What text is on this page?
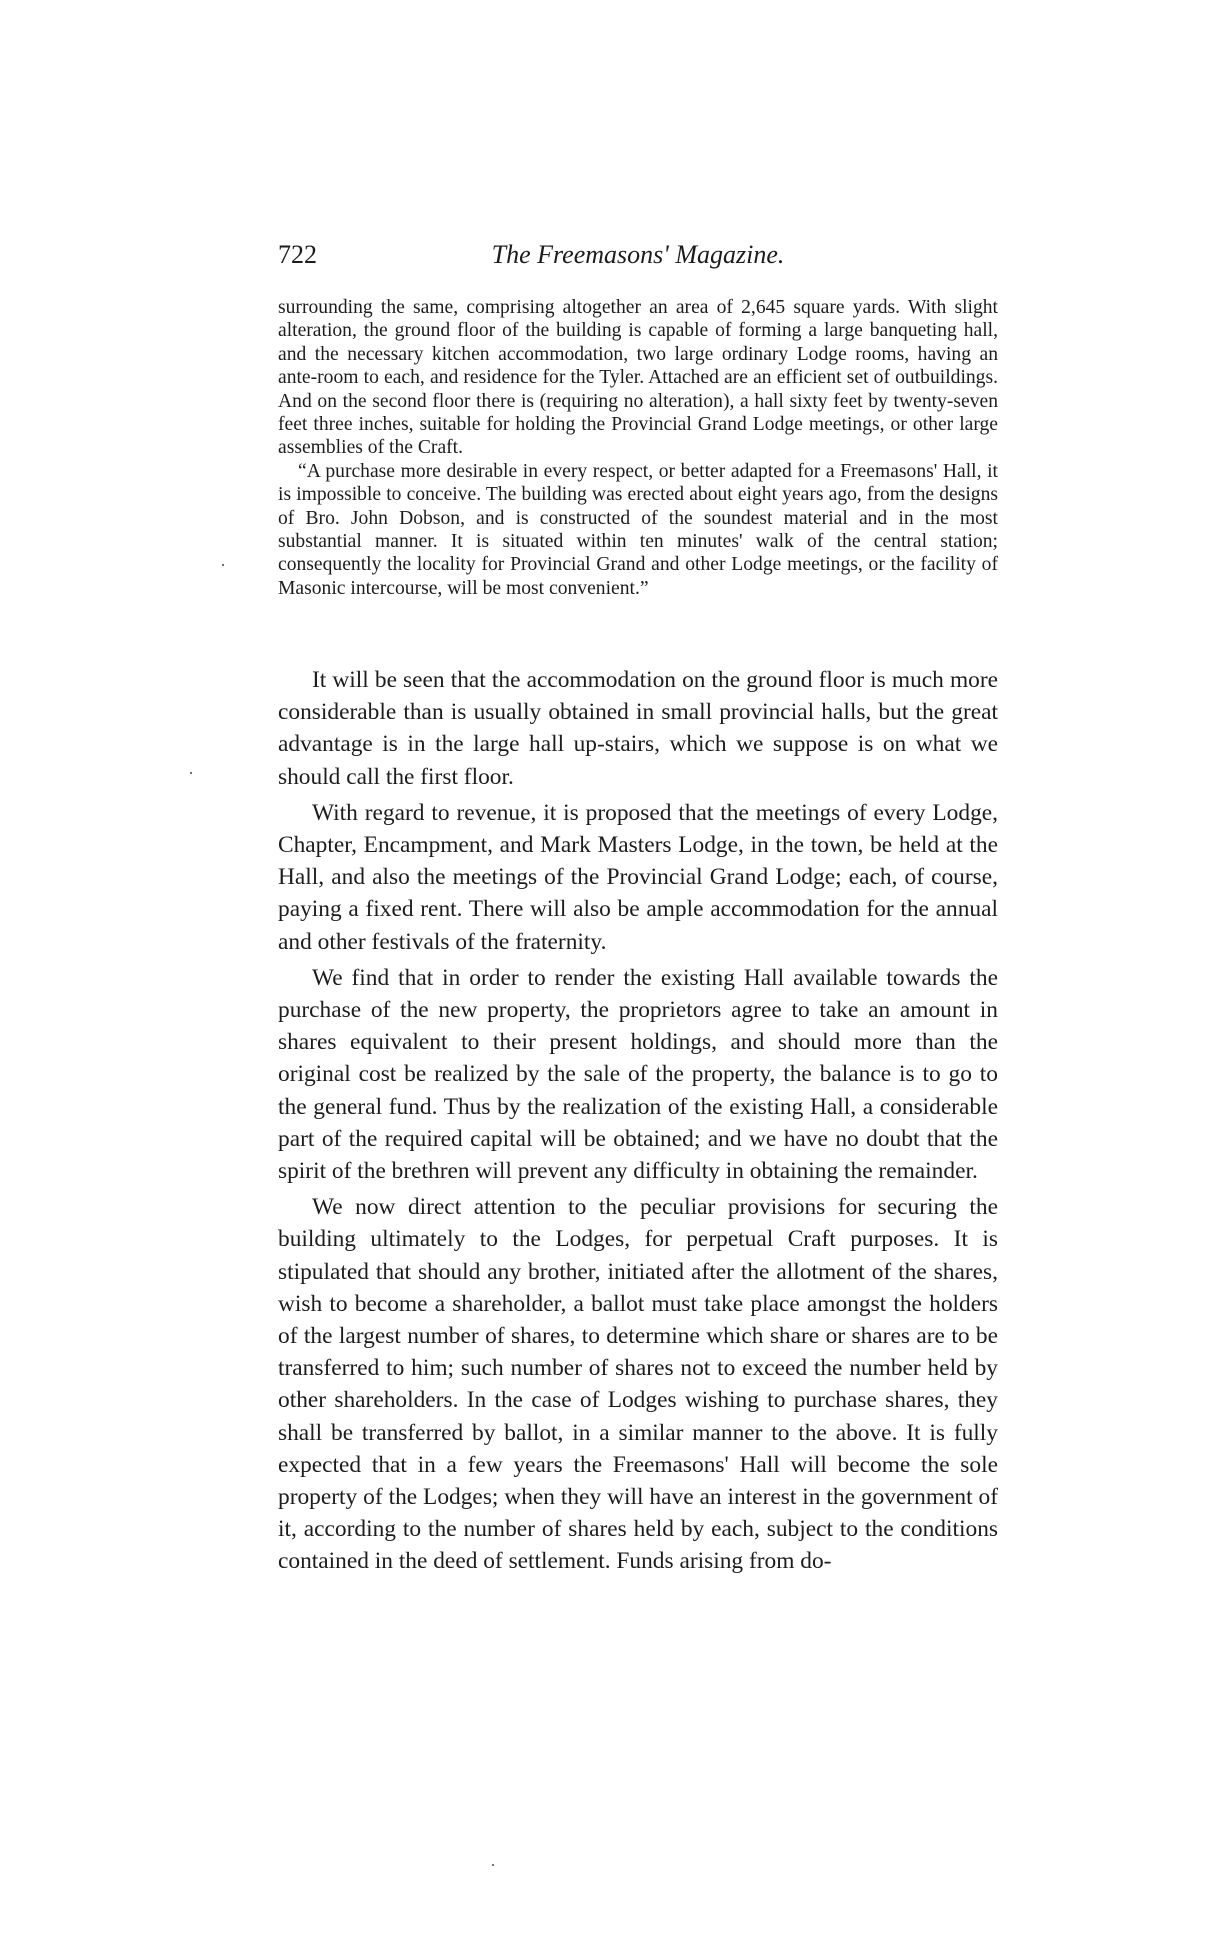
722	The Freemasons' Magazine.

surrounding the same, comprising altogether an area of 2,645 square yards. With slight alteration, the ground floor of the building is capable of forming a large banqueting hall, and the necessary kitchen accommodation, two large ordinary Lodge rooms, having an ante-room to each, and residence for the Tyler. Attached are an efficient set of outbuildings. And on the second floor there is (requiring no alteration), a hall sixty feet by twenty-seven feet three inches, suitable for holding the Provincial Grand Lodge meetings, or other large assemblies of the Craft.

“A purchase more desirable in every respect, or better adapted for a Freemasons' Hall, it is impossible to conceive. The building was erected about eight years ago, from the designs of Bro. John Dobson, and is constructed of the soundest material and in the most substantial manner. It is situated within ten minutes' walk of the central station; consequently the locality for Provincial Grand and other Lodge meetings, or the facility of Masonic intercourse, will be most convenient.”

It will be seen that the accommodation on the ground floor is much more considerable than is usually obtained in small provincial halls, but the great advantage is in the large hall up-stairs, which we suppose is on what we should call the first floor.

With regard to revenue, it is proposed that the meetings of every Lodge, Chapter, Encampment, and Mark Masters Lodge, in the town, be held at the Hall, and also the meetings of the Provincial Grand Lodge; each, of course, paying a fixed rent. There will also be ample accommodation for the annual and other festivals of the fraternity.

We find that in order to render the existing Hall available towards the purchase of the new property, the proprietors agree to take an amount in shares equivalent to their present holdings, and should more than the original cost be realized by the sale of the property, the balance is to go to the general fund. Thus by the realization of the existing Hall, a considerable part of the required capital will be obtained; and we have no doubt that the spirit of the brethren will prevent any difficulty in obtaining the remainder.

We now direct attention to the peculiar provisions for securing the building ultimately to the Lodges, for perpetual Craft purposes. It is stipulated that should any brother, initiated after the allotment of the shares, wish to become a shareholder, a ballot must take place amongst the holders of the largest number of shares, to determine which share or shares are to be transferred to him; such number of shares not to exceed the number held by other shareholders. In the case of Lodges wishing to purchase shares, they shall be transferred by ballot, in a similar manner to the above. It is fully expected that in a few years the Freemasons' Hall will become the sole property of the Lodges; when they will have an interest in the government of it, according to the number of shares held by each, subject to the conditions contained in the deed of settlement. Funds arising from do-
